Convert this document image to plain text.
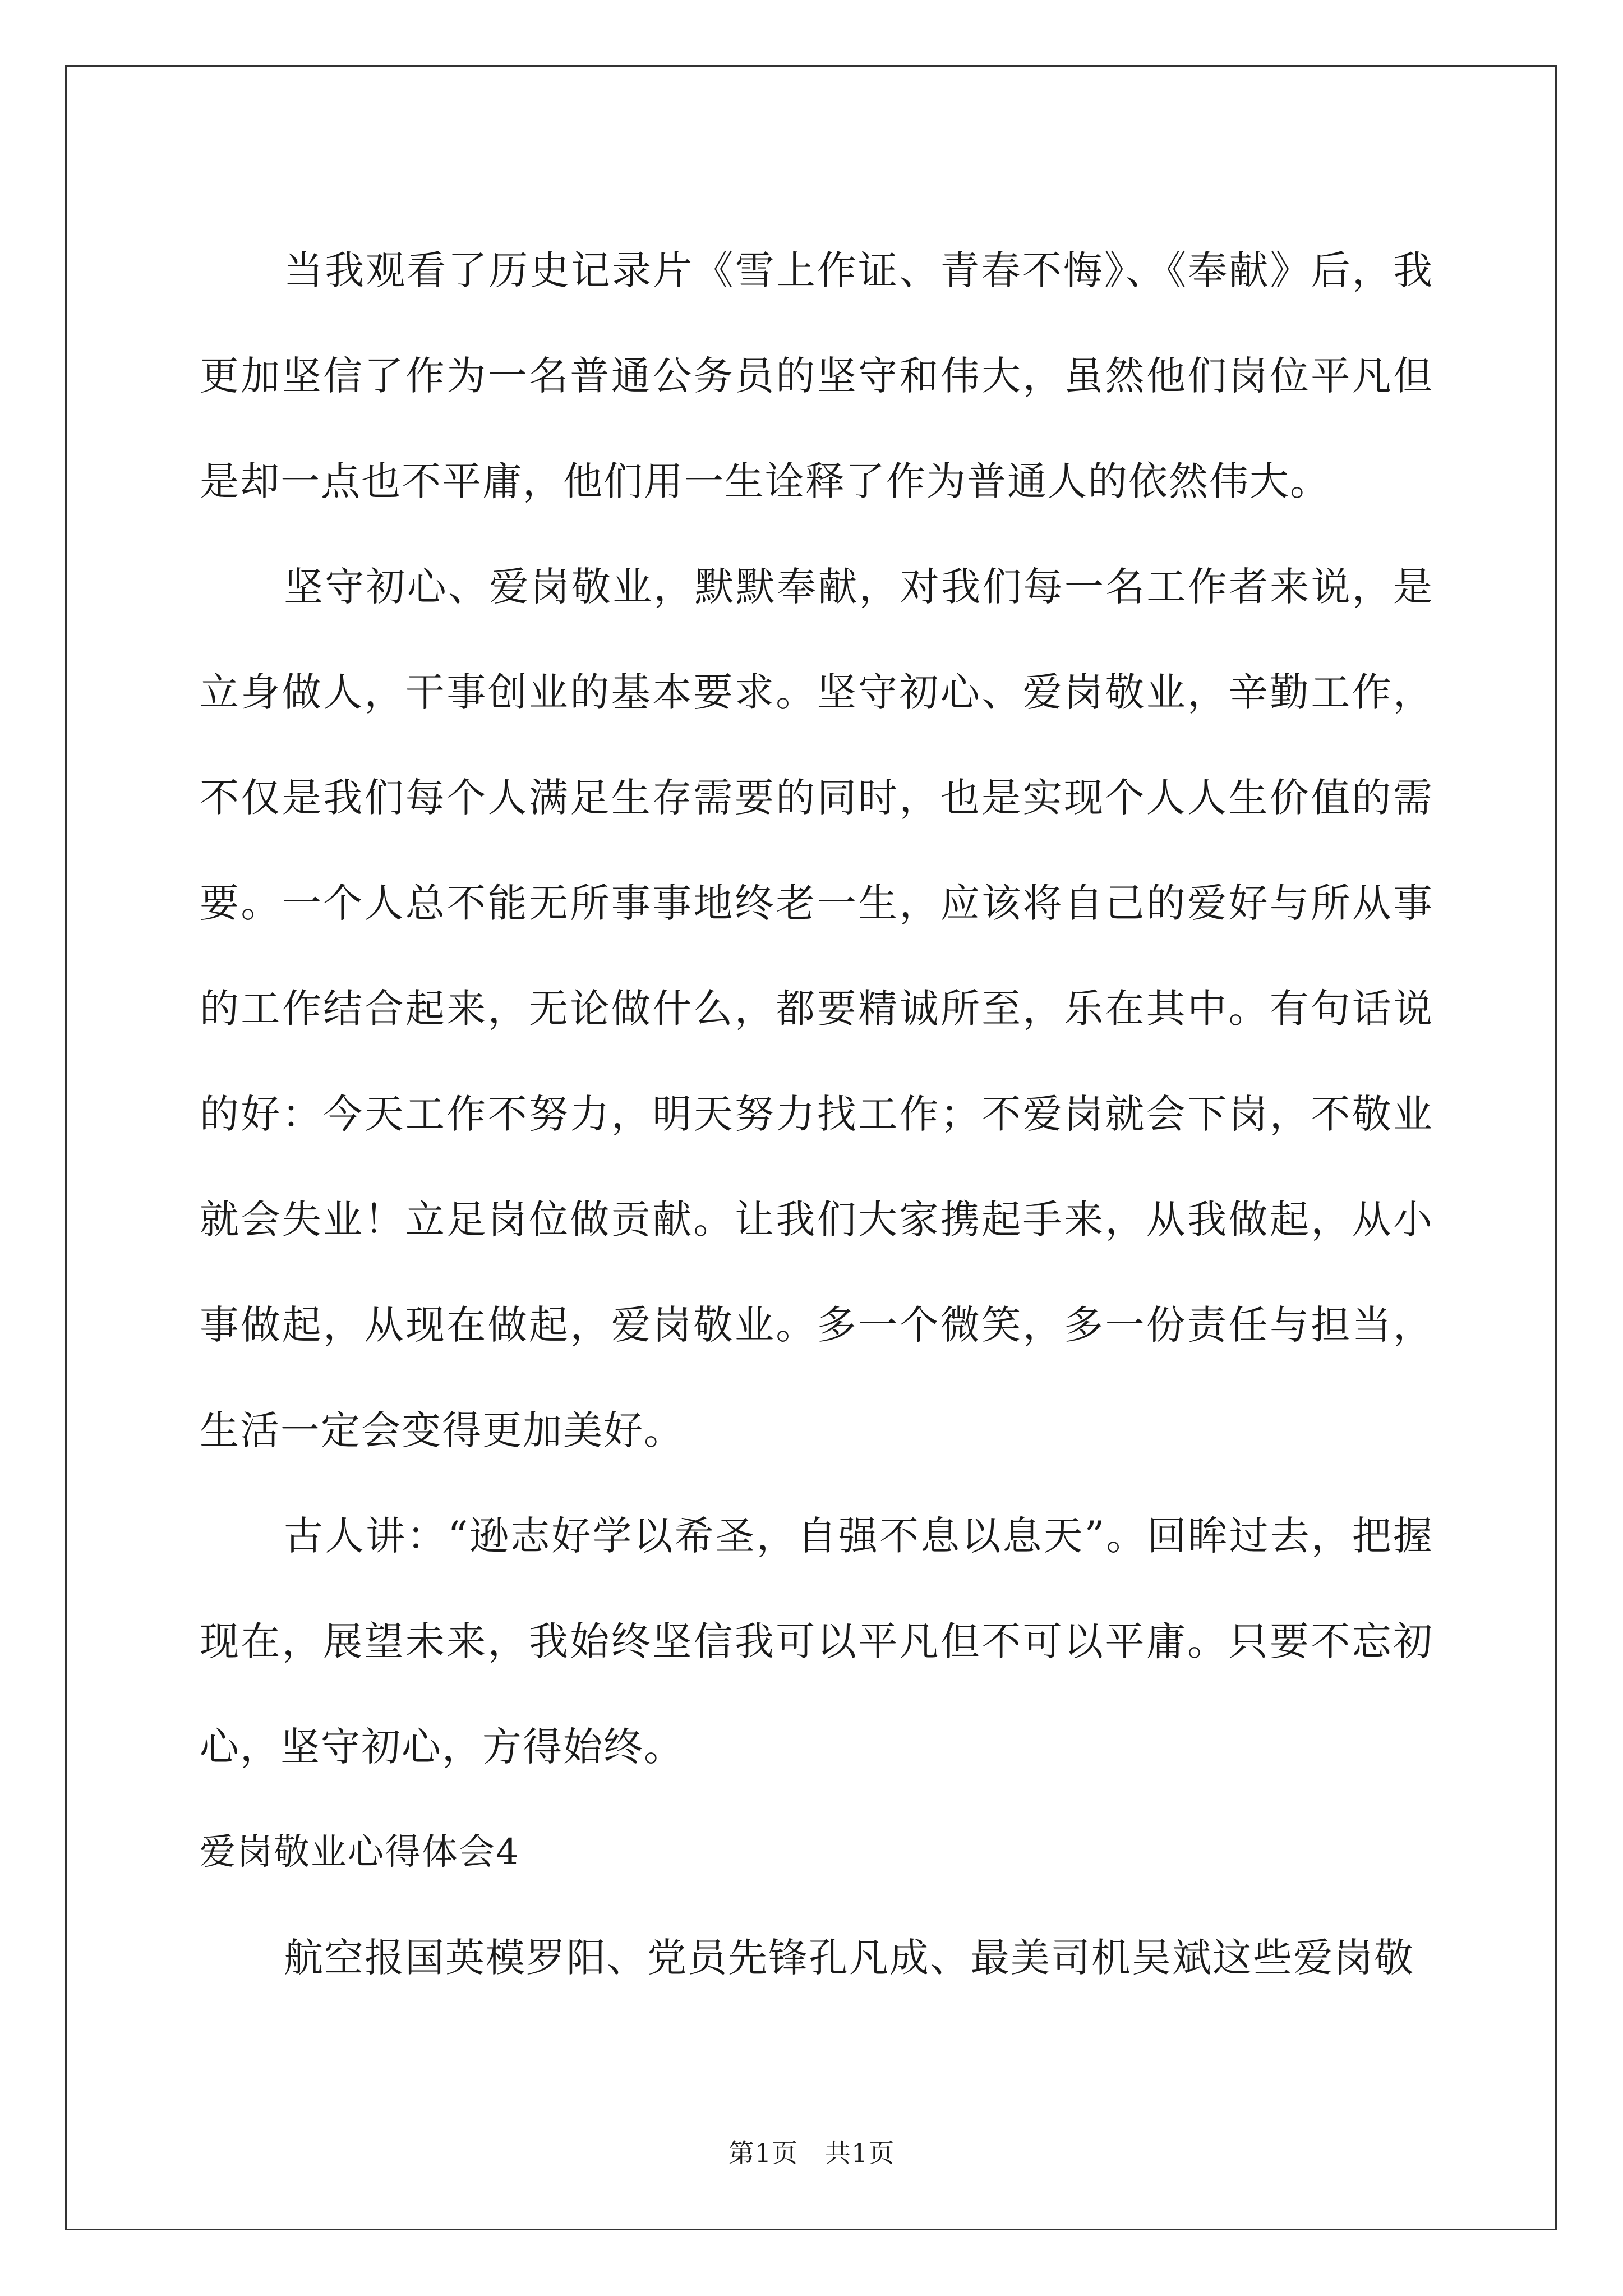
当我观看了历史记录片《雪上作证、青春不悔》、《奉献》后，我更加坚信了作为一名普通公务员的坚守和伟大，虽然他们岗位平凡但是却一点也不平庸，他们用一生诠释了作为普通人的依然伟大。

坚守初心、爱岗敬业，默默奉献，对我们每一名工作者来说，是立身做人，干事创业的基本要求。坚守初心、爱岗敬业，辛勤工作，不仅是我们每个人满足生存需要的同时，也是实现个人人生价值的需要。一个人总不能无所事事地终老一生，应该将自己的爱好与所从事的工作结合起来，无论做什么，都要精诚所至，乐在其中。有句话说的好：今天工作不努力，明天努力找工作；不爱岗就会下岗，不敬业就会失业！立足岗位做贡献。让我们大家携起手来，从我做起，从小事做起，从现在做起，爱岗敬业。多一个微笑，多一份责任与担当，生活一定会变得更加美好。

古人讲：“逊志好学以希圣，自强不息以息天”。回眸过去，把握现在，展望未来，我始终坚信我可以平凡但不可以平庸。只要不忘初心，坚守初心，方得始终。

爱岗敬业心得体会4

航空报国英模罗阳、党员先锋孔凡成、最美司机吴斌这些爱岗敬

第1页 共1页
